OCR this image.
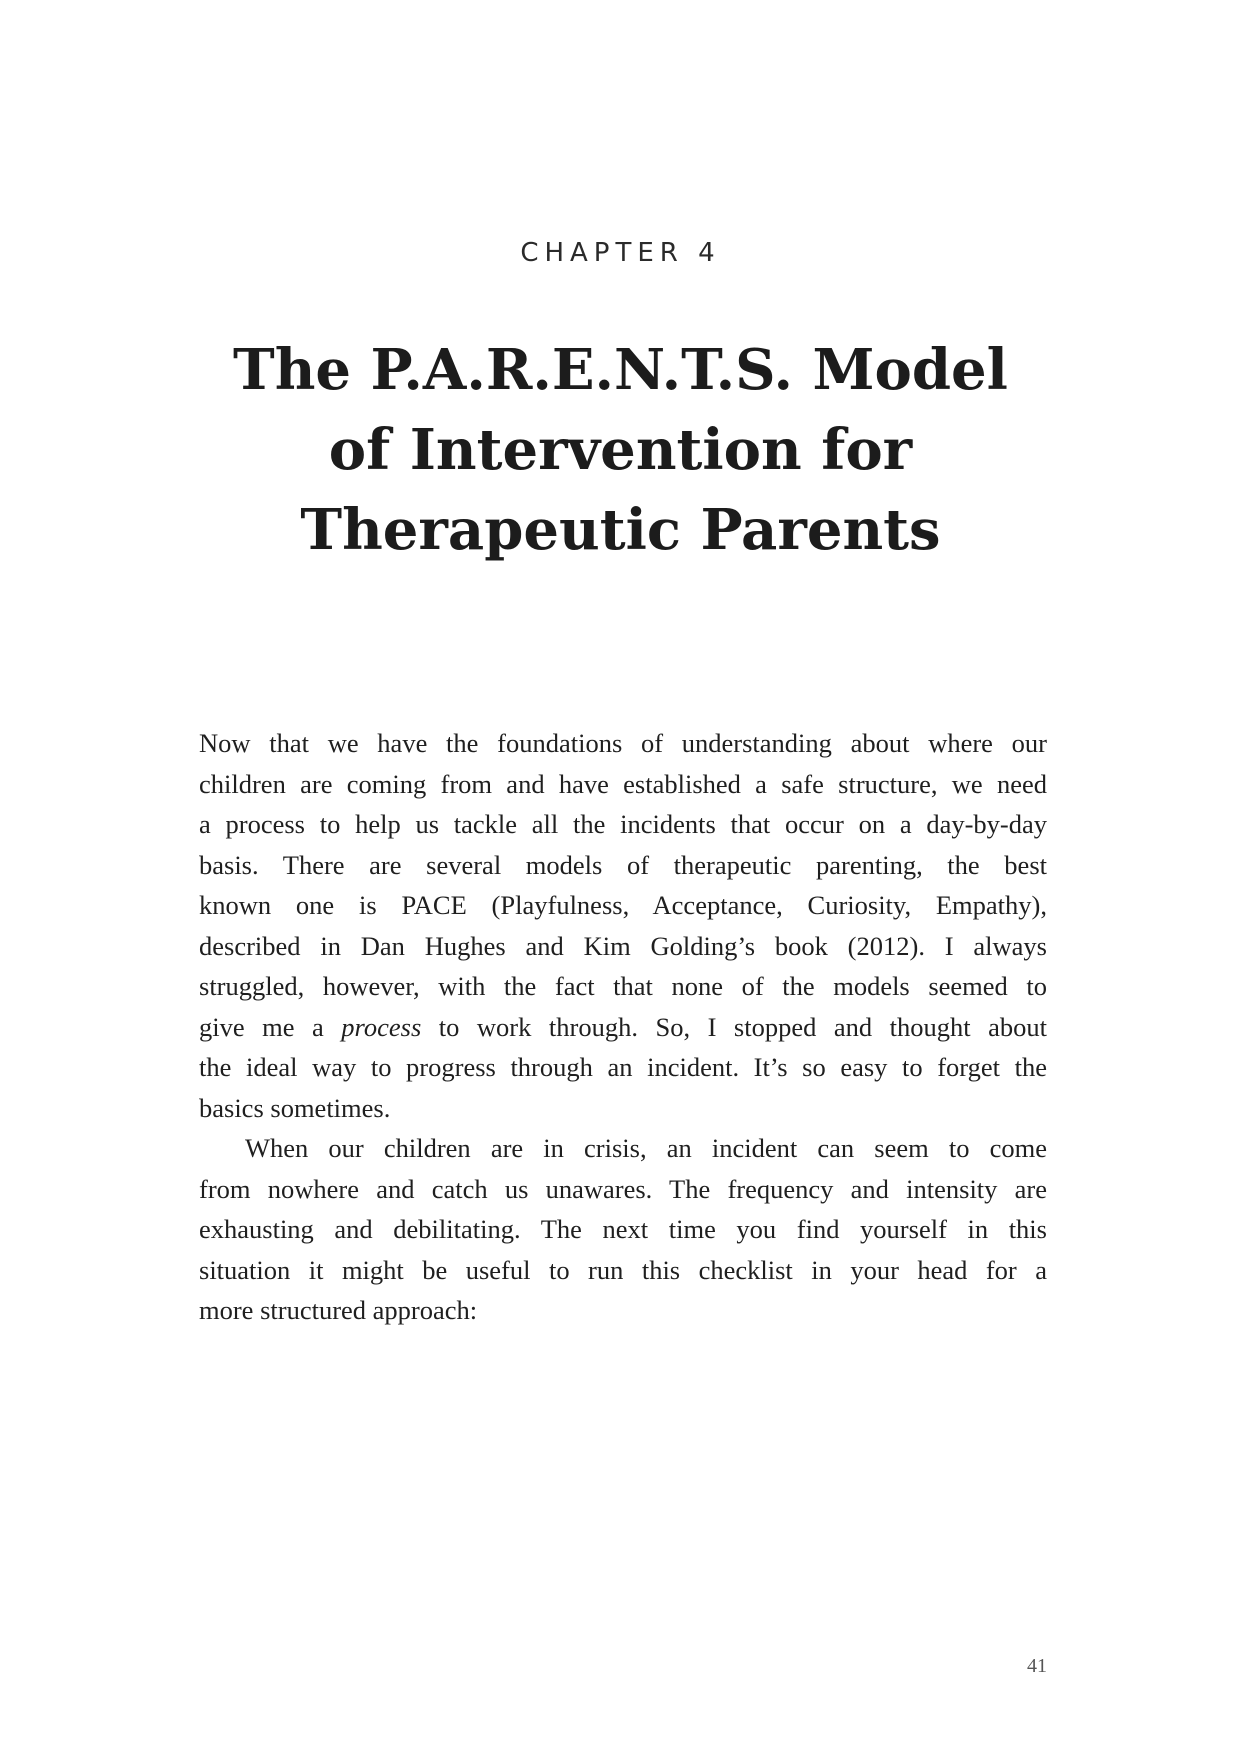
CHAPTER 4

The P.A.R.E.N.T.S. Model
of Intervention for
Therapeutic Parents

Now that we have the foundations of understanding about where our
children are coming from and have established a safe structure, we need
a process to help us tackle all the incidents that occur on a day-by-day
basis. There are several models of therapeutic parenting, the best
known one is PACE (Playfulness, Acceptance, Curiosity, Empathy),
described in Dan Hughes and Kim Golding’s book (2012). I always
struggled, however, with the fact that none of the models seemed to
give me a process to work through. So, I stopped and thought about
the ideal way to progress through an incident. It’s so easy to forget the
basics sometimes.

When our children are in crisis, an incident can seem to come
from nowhere and catch us unawares. The frequency and intensity are
exhausting and debilitating. The next time you find yourself in this
situation it might be useful to run this checklist in your head for a
more structured approach:

41
